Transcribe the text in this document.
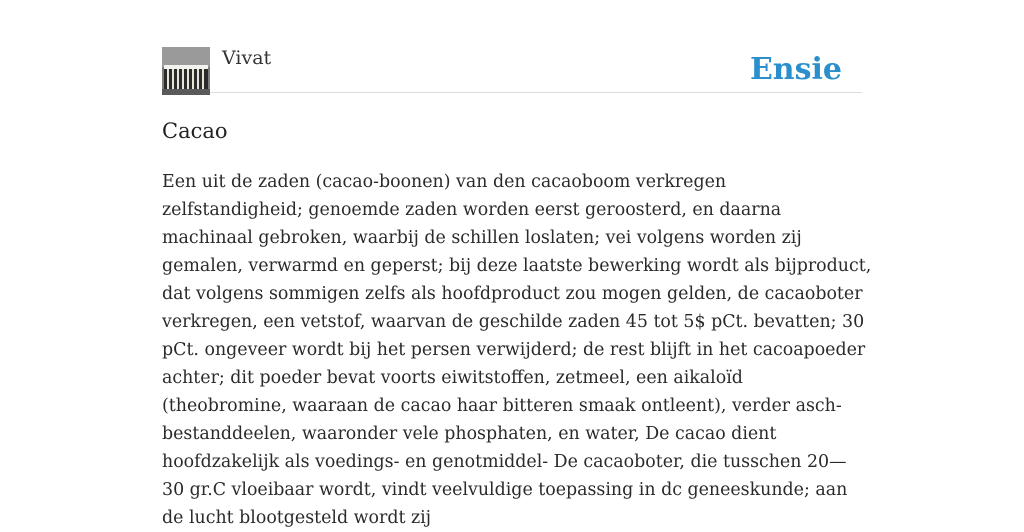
Vivat	Ensie
Cacao

Een uit de zaden (cacao-boonen) van den cacaoboom verkregen zelfstandigheid; genoemde zaden worden eerst geroosterd, en daarna machinaal gebroken, waarbij de schillen loslaten; vei volgens worden zij gemalen, verwarmd en geperst; bij deze laatste bewerking wordt als bijproduct, dat volgens sommigen zelfs als hoofdproduct zou mogen gelden, de cacaoboter verkregen, een vetstof, waarvan de geschilde zaden 45 tot 5$ pCt. bevatten; 30 pCt. ongeveer wordt bij het persen verwijderd; de rest blijft in het cacoapoeder achter; dit poeder bevat voorts eiwitstoffen, zetmeel, een aikaloïd (theobromine, waaraan de cacao haar bitteren smaak ontleent), verder asch-bestanddeelen, waaronder vele phosphaten, en water, De cacao dient hoofdzakelijk als voedings- en genotmiddel- De cacaoboter, die tusschen 20— 30 gr.C vloeibaar wordt, vindt veelvuldige toepassing in dc geneeskunde; aan de lucht blootgesteld wordt zij
